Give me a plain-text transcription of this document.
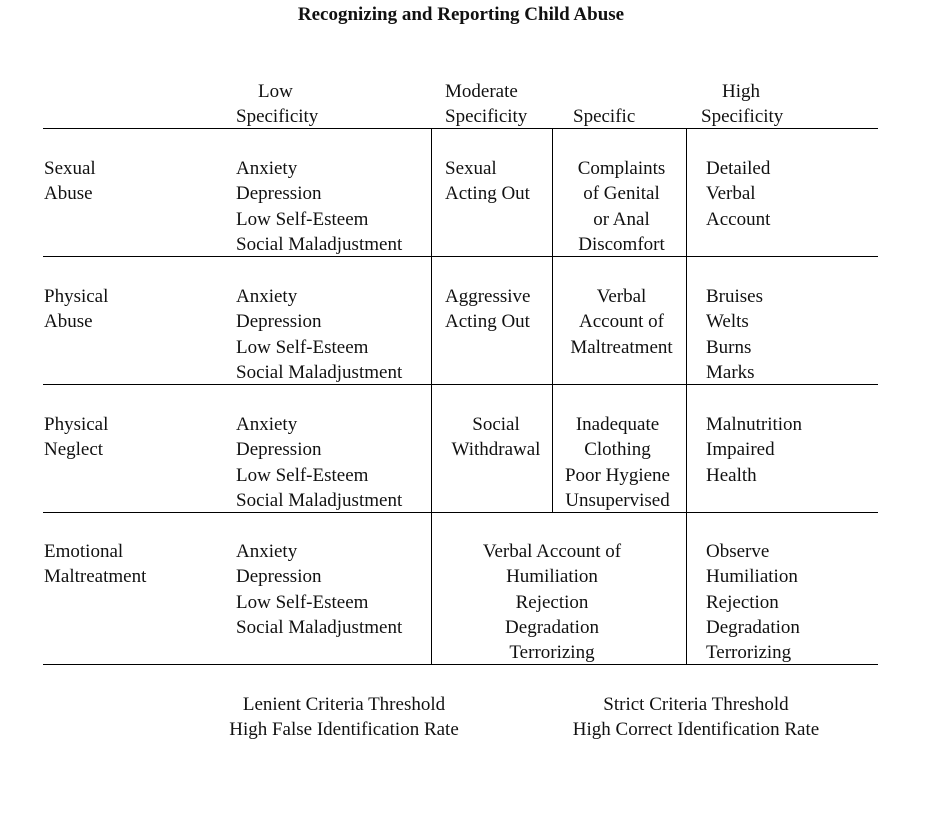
Recognizing and Reporting Child Abuse
Low
Specificity
Moderate
Specificity Specific
High
Specificity
Sexual
Abuse
Anxiety
Depression
Low Self-Esteem
Social Maladjustment
Sexual
Acting Out
Complaints
of Genital
or Anal
Discomfort
Detailed
Verbal
Account
Physical
Abuse
Anxiety
Depression
Low Self-Esteem
Social Maladjustment
Aggressive
Acting Out
Verbal
Account of
Maltreatment
Bruises
Welts
Burns
Marks
Physical
Neglect
Anxiety
Depression
Low Self-Esteem
Social Maladjustment
Social
Withdrawal
Inadequate
Clothing
Poor Hygiene
Unsupervised
Malnutrition
Impaired
Health
Emotional
Maltreatment
Anxiety
Depression
Low Self-Esteem
Social Maladjustment
Verbal Account of
Humiliation
Rejection
Degradation
Terrorizing
Observe
Humiliation
Rejection
Degradation
Terrorizing
Lenient Criteria Threshold
High False Identification Rate
Strict Criteria Threshold
High Correct Identification Rate
